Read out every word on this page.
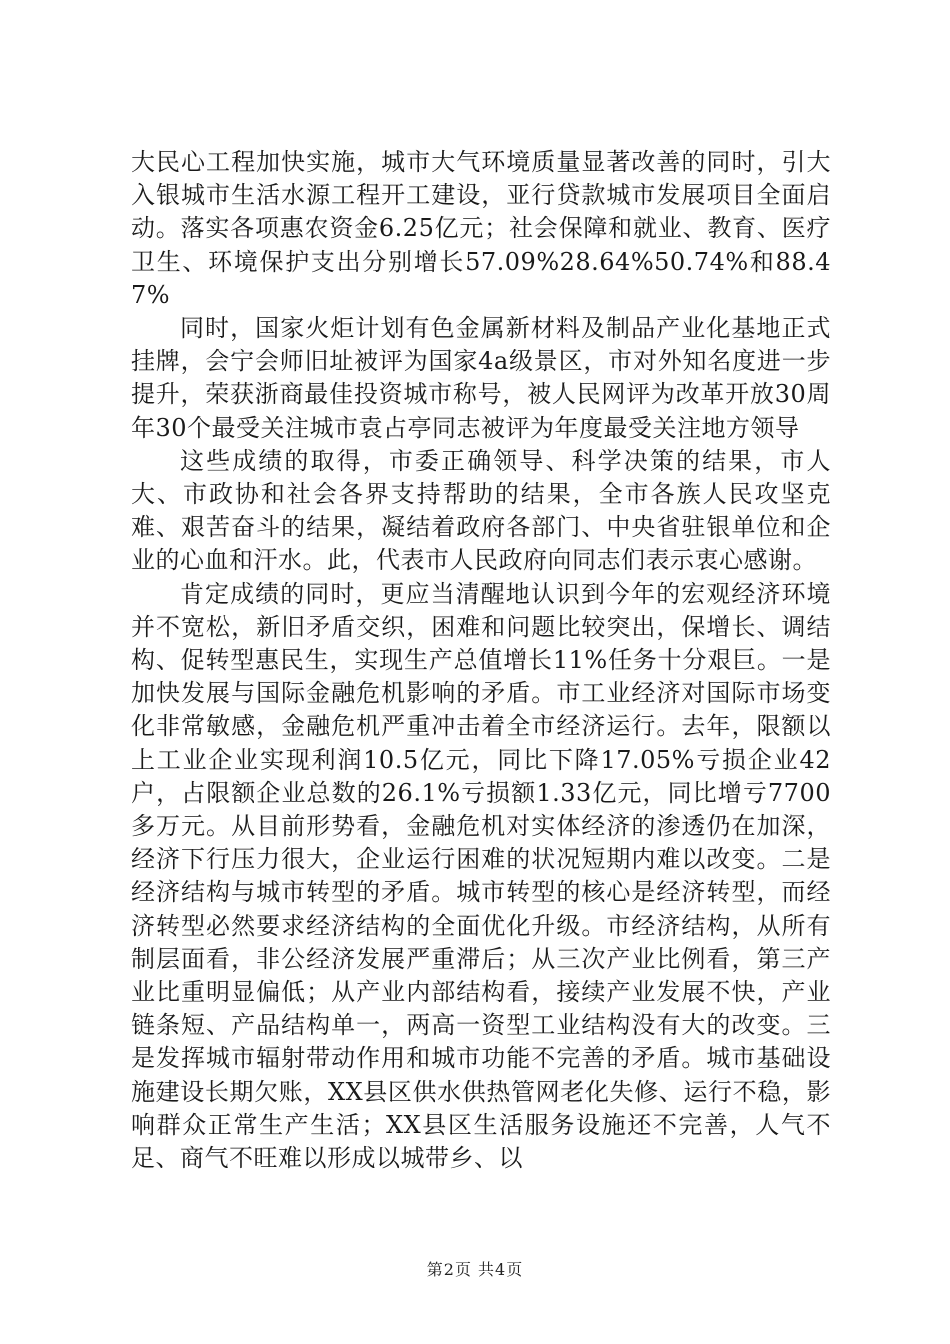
大民心工程加快实施，城市大气环境质量显著改善的同时，引大入银城市生活水源工程开工建设，亚行贷款城市发展项目全面启动。落实各项惠农资金6.25亿元；社会保障和就业、教育、医疗卫生、环境保护支出分别增长57.09%28.64%50.74%和88.47%

同时，国家火炬计划有色金属新材料及制品产业化基地正式挂牌，会宁会师旧址被评为国家4a级景区，市对外知名度进一步提升，荣获浙商最佳投资城市称号，被人民网评为改革开放30周年30个最受关注城市袁占亭同志被评为年度最受关注地方领导

这些成绩的取得，市委正确领导、科学决策的结果，市人大、市政协和社会各界支持帮助的结果，全市各族人民攻坚克难、艰苦奋斗的结果，凝结着政府各部门、中央省驻银单位和企业的心血和汗水。此，代表市人民政府向同志们表示衷心感谢。

肯定成绩的同时，更应当清醒地认识到今年的宏观经济环境并不宽松，新旧矛盾交织，困难和问题比较突出，保增长、调结构、促转型惠民生，实现生产总值增长11%任务十分艰巨。一是加快发展与国际金融危机影响的矛盾。市工业经济对国际市场变化非常敏感，金融危机严重冲击着全市经济运行。去年，限额以上工业企业实现利润10.5亿元，同比下降17.05%亏损企业42户，占限额企业总数的26.1%亏损额1.33亿元，同比增亏7700多万元。从目前形势看，金融危机对实体经济的渗透仍在加深，经济下行压力很大，企业运行困难的状况短期内难以改变。二是经济结构与城市转型的矛盾。城市转型的核心是经济转型，而经济转型必然要求经济结构的全面优化升级。市经济结构，从所有制层面看，非公经济发展严重滞后；从三次产业比例看，第三产业比重明显偏低；从产业内部结构看，接续产业发展不快，产业链条短、产品结构单一，两高一资型工业结构没有大的改变。三是发挥城市辐射带动作用和城市功能不完善的矛盾。城市基础设施建设长期欠账，XX县区供水供热管网老化失修、运行不稳，影响群众正常生产生活；XX县区生活服务设施还不完善，人气不足、商气不旺难以形成以城带乡、以

第2页 共4页
